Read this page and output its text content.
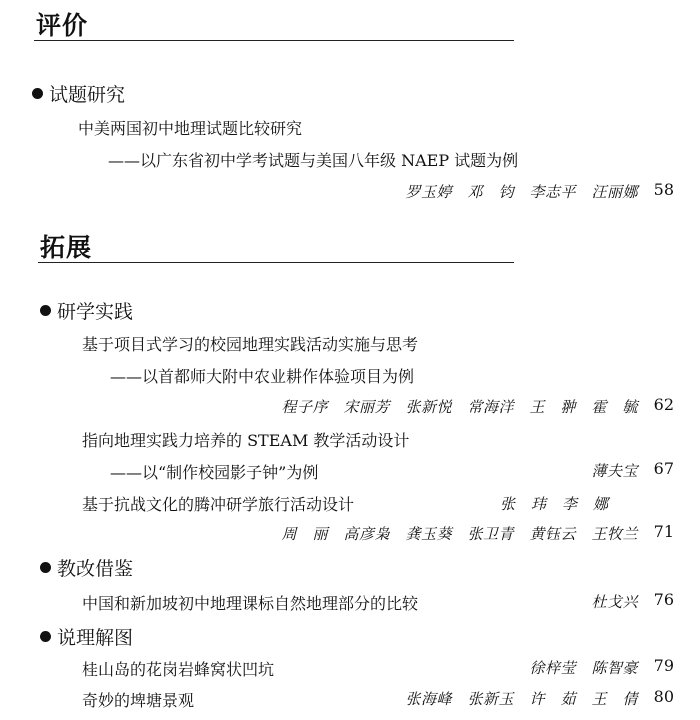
评价
试题研究
中美两国初中地理试题比较研究
——以广东省初中学考试题与美国八年级 NAEP 试题为例
罗玉婷　邓　钧　李志平　汪丽娜 58
拓展
研学实践
基于项目式学习的校园地理实践活动实施与思考
——以首都师大附中农业耕作体验项目为例
程子序　宋丽芳　张新悦　常海洋　王　翀　霍　毓 62
指向地理实践力培养的 STEAM 教学活动设计
——以“制作校园影子钟”为例	薄夫宝 67
基于抗战文化的腾冲研学旅行活动设计	张　玮　李　娜
周　丽　高彦枭　龚玉葵　张卫青　黄钰云　王牧兰 71
教改借鉴
中国和新加坡初中地理课标自然地理部分的比较	杜戈兴 76
说理解图
桂山岛的花岗岩蜂窝状凹坑	徐梓莹　陈智豪 79
奇妙的埤塘景观	张海峰　张新玉　许　茹　王　倩 80
